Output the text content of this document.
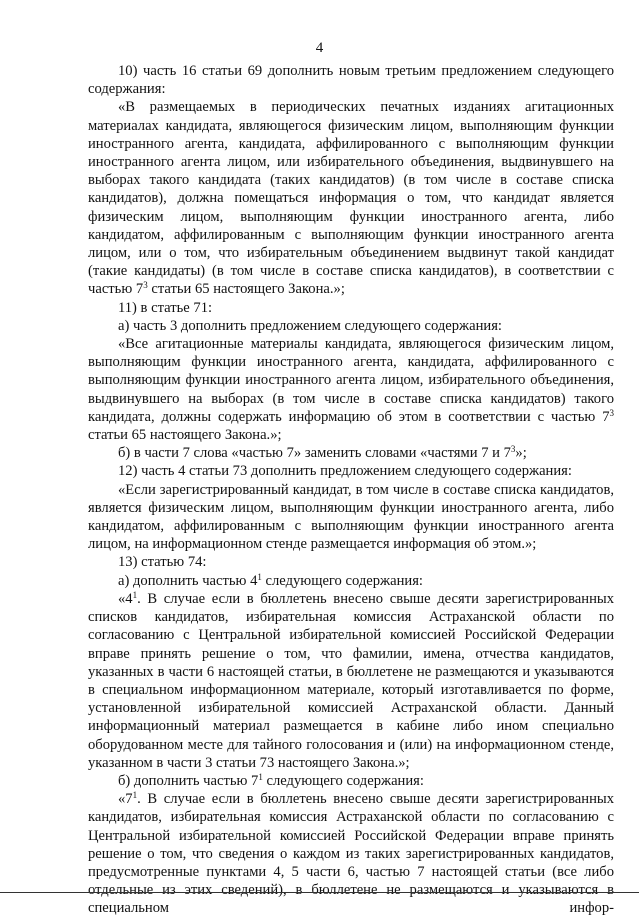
4

10) часть 16 статьи 69 дополнить новым третьим предложением следующего содержания:

«В размещаемых в периодических печатных изданиях агитационных материалах кандидата, являющегося физическим лицом, выполняющим функции иностранного агента, кандидата, аффилированного с выполняющим функции иностранного агента лицом, или избирательного объединения, выдвинувшего на выборах такого кандидата (таких кандидатов) (в том числе в составе списка кандидатов), должна помещаться информация о том, что кандидат является физическим лицом, выполняющим функции иностранного агента, либо кандидатом, аффилированным с выполняющим функции иностранного агента лицом, или о том, что избирательным объединением выдвинут такой кандидат (такие кандидаты) (в том числе в составе списка кандидатов), в соответствии с частью $7^3$ статьи 65 настоящего Закона.»;

11) в статье 71:

а) часть 3 дополнить предложением следующего содержания:

«Все агитационные материалы кандидата, являющегося физическим лицом, выполняющим функции иностранного агента, кандидата, аффилированного с выполняющим функции иностранного агента лицом, избирательного объединения, выдвинувшего на выборах (в том числе в составе списка кандидатов) такого кандидата, должны содержать информацию об этом в соответствии с частью $7^3$ статьи 65 настоящего Закона.»;

б) в части 7 слова «частью 7» заменить словами «частями 7 и $7^3$»;

12) часть 4 статьи 73 дополнить предложением следующего содержания:

«Если зарегистрированный кандидат, в том числе в составе списка кандидатов, является физическим лицом, выполняющим функции иностранного агента, либо кандидатом, аффилированным с выполняющим функции иностранного агента лицом, на информационном стенде размещается информация об этом.»;

13) статью 74:

а) дополнить частью $4^1$ следующего содержания:

«$4^1$. В случае если в бюллетень внесено свыше десяти зарегистрированных списков кандидатов, избирательная комиссия Астраханской области по согласованию с Центральной избирательной комиссией Российской Федерации вправе принять решение о том, что фамилии, имена, отчества кандидатов, указанных в части 6 настоящей статьи, в бюллетене не размещаются и указываются в специальном информационном материале, который изготавливается по форме, установленной избирательной комиссией Астраханской области. Данный информационный материал размещается в кабине либо ином специально оборудованном месте для тайного голосования и (или) на информационном стенде, указанном в части 3 статьи 73 настоящего Закона.»;

б) дополнить частью $7^1$ следующего содержания:

«$7^1$. В случае если в бюллетень внесено свыше десяти зарегистрированных кандидатов, избирательная комиссия Астраханской области по согласованию с Центральной избирательной комиссией Российской Федерации вправе принять решение о том, что сведения о каждом из таких зарегистрированных кандидатов, предусмотренные пунктами 4, 5 части 6, частью 7 настоящей статьи (все либо отдельные из этих сведений), в бюллетене не размещаются и указываются в специальном инфор-
